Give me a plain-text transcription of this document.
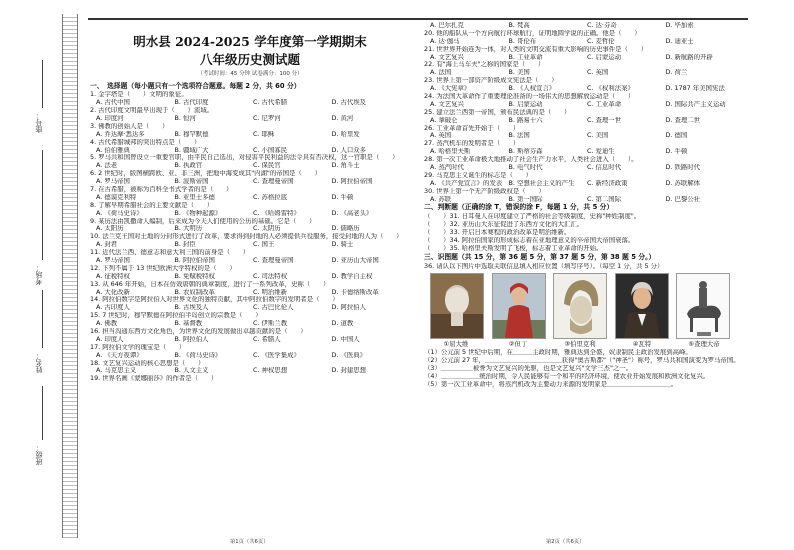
座号：
考场：
姓名：
班级：
明水县 2024-2025 学年度第一学期期末
八年级历史测试题
（考试时间：45 分钟 试卷满分：100 分）
一、　选择题（每小题只有一个选项符合题意。每题 2 分，共 60 分）
1. 金字塔是（　　）文明的象征。
A. 古代中国	B. 古代印度	C. 古代希腊	D. 古代埃及
2. 古代印度文明最早出现于（　　）流域。
A. 印度河	B. 恒河	C. 尼罗河	D. 黄河
3. 佛教的创始人是（　　）
A. 乔达摩·悉达多	B. 穆罕默德	C. 耶稣	D. 哈里发
4. 古代希腊城邦的突出特点是（　　）
A. 伯伯雅典	B. 疆域广大	C. 小国寡民	D. 人口众多
5. 罗马共和国曾设立一重要官职，由平民自己选出，对侵害平民利益的法令具有否决权，这一官职是（　　）
A. 法老	B. 执政官	C. 保民官	D. 角斗士
6. 2 世纪时，版图横跨欧、亚、非三洲，把地中海变成其"内湖"的帝国是（　　）
A. 罗马帝国	B. 波斯帝国	C. 查理曼帝国	D. 阿拉伯帝国
7. 在古希腊，被称为百科全书式学者的是（　　）
A. 德谟克利特	B. 亚里士多德	C. 苏格拉底	D. 牛顿
8. 了解早期希腊社会的主要文献是（　　）
A. 《荷马史诗》	B. 《物种起源》	C. 《哈姆雷特》	D. 《高老头》
9. 某历法由凯撒命人编制，后来成为今天人们使用的公历的基础。它是（　　）
A. 太阳历	B. 大明历	C. 太阴历	D. 儒略历
10. 法兰克王国对土地的分封形式进行了改革，要求得到封地的人必须提供兵役服务，接受封地的人为（　　）
A. 封君	B. 封臣	C. 国王	D. 骑士
11. 近代法兰西、德意志和意大利三国的前身是（　　）
A. 罗马帝国	B. 阿拉伯帝国	C. 查理曼帝国	D. 亚历山大帝国
12. 下列不属于 13 世纪欧洲大学特权的是（　　）
A. 征税特权	B. 免赋税特权	C. 司法特权	D. 教学自主权
13. 从 646 年开始，日本在仿效唐朝的典章制度，进行了一系列改革，史称（　　）
A. 大化改新	B. 农奴制改革	C. 明治维新	D. 卡德纳斯改革
14. 阿拉伯数字是阿拉伯人对世界文化的独特贡献，其中阿拉伯数字的发明者是（　　）
A. 古印度人	B. 古埃及人	C. 古巴比伦人	D. 阿拉伯人
15. 7 世纪时，穆罕默德在阿拉伯半岛创立的宗教是（　　）
A. 佛教	B. 基督教	C. 伊斯兰教	D. 道教
16. 担当沟通东西方文化角色，为世界文化的发展做出卓越贡献的是（　　）
A. 印度人	B. 阿拉伯人	C. 希腊人	D. 中国人
17. 阿拉伯文学的瑰宝是（　　）
A. 《天方夜谭》	B. 《荷马史诗》	C. 《医学集成》	D. 《医典》
18. 文艺复兴运动的核心思想是（　　）
A. 马克思主义	B. 人文主义	C. 神权思想	D. 封建思想
19. 世界名画《蒙娜丽莎》的作者是（　　）
A. 巴尔扎克	B. 梵高	C. 达·芬奇	D. 毕加索
20. 他的船队从一个方向航行环球航行，证明地圆学说的正确。他是（　　）
A. 达·伽马	B. 哥伦布	C. 麦哲伦	D. 迪亚士
21. 世世界开始连为一体，对人类的文明交流有重大影响的历史事件是（　　）
A. 文艺复兴	B. 工业革命	C. 启蒙运动	D. 新航路的开辟
22. 有"海上马车夫"之称的国家是（　　）
A. 法国	B. 美国	C. 英国	D. 荷兰
23. 世界上第一部资产阶级成文宪法是（　　）
A. 《大宪章》	B. 《人权宣言》	C. 《权利法案》	D. 1787 年美国宪法
24. 为法国大革命作了重要理论准备的一场伟大的思想解放运动是（　　）
A. 文艺复兴	B. 启蒙运动	C. 工业革命	D. 国际共产主义运动
25. 建立法兰西第一帝国，颁布民法典的是（　　）
A. 拿破仑	B. 路易十六	C. 查理一世	D. 查理二世
26. 工业革命首先开始于（　　）
A. 英国	B. 法国	C. 美国	D. 德国
27. 蒸汽机车的发明者是（　　）
A. 哈格里夫斯	B. 斯蒂芬森	C. 爱迪生	D. 牛顿
28. 第一次工业革命极大地推动了社会生产力水平，人类社会进入（　　）。
A. 蒸汽时代	B. 电气时代	C. 信息时代	D. 铁路时代
29. 马克思主义诞生的标志是（　　）
A. 《共产党宣言》的发表 B. 空想社会主义的产生	C. 新经济政策	D. 苏联解体
30. 世界上第一个无产阶级政权是（　　）
A. 苏联	B. 第一国际	C. 第二国际	D. 巴黎公社
二、判断题（正确的涂 T，错误的涂 F，每题 1 分，共 5 分）
（　　）31. 日耳曼人在印度建立了严格的社会等级制度，史称"种姓制度"。
（　　）32. 亚历山大东征促进了东西方文化的大汇汇。
（　　）33. 开启日本赛程的政治改革是明治维新。
（　　）34. 阿拉伯国家的形成标志着在亚地理意义的卒帝国大帝国衰落。
（　　）35. 哈格里夫斯发明了飞梭，标志着工业革命的开始。
三、识图题（共 15 分，第 36 题 5 分，第 37 题 5 分，第 38 题 5 分。）
36. 请认以下图片中选取关联信息填入相应位置（填写序号）。（每空 1 分，共 5 分）
①屈大维	②但丁	③伯里克利	④瓦特	⑤查理大帝
（1）公元前 5 世纪中后期，在＿＿＿主政时期，雅典达到全盛，奴隶制民主政治发展到高峰。
（2）公元前 27 年，＿＿＿＿＿＿＿＿＿＿＿＿获得"奥古斯都"（"神圣"）称号，罗马共和国演变为罗马帝国。
（3）＿＿＿＿＿被誉为文艺复兴的先驱，也是文艺复兴"文学三杰"之一。
（4）＿＿＿＿＿＿统治时期，令人民能够有一个和平的经济环境，使农业开始发展和欧洲文化复兴。
（5）第一次工业革命中，将蒸汽机改为主要动力来源的发明家是＿＿＿＿＿＿＿＿＿＿。
第1页（共6页）	第2页（共6页）
